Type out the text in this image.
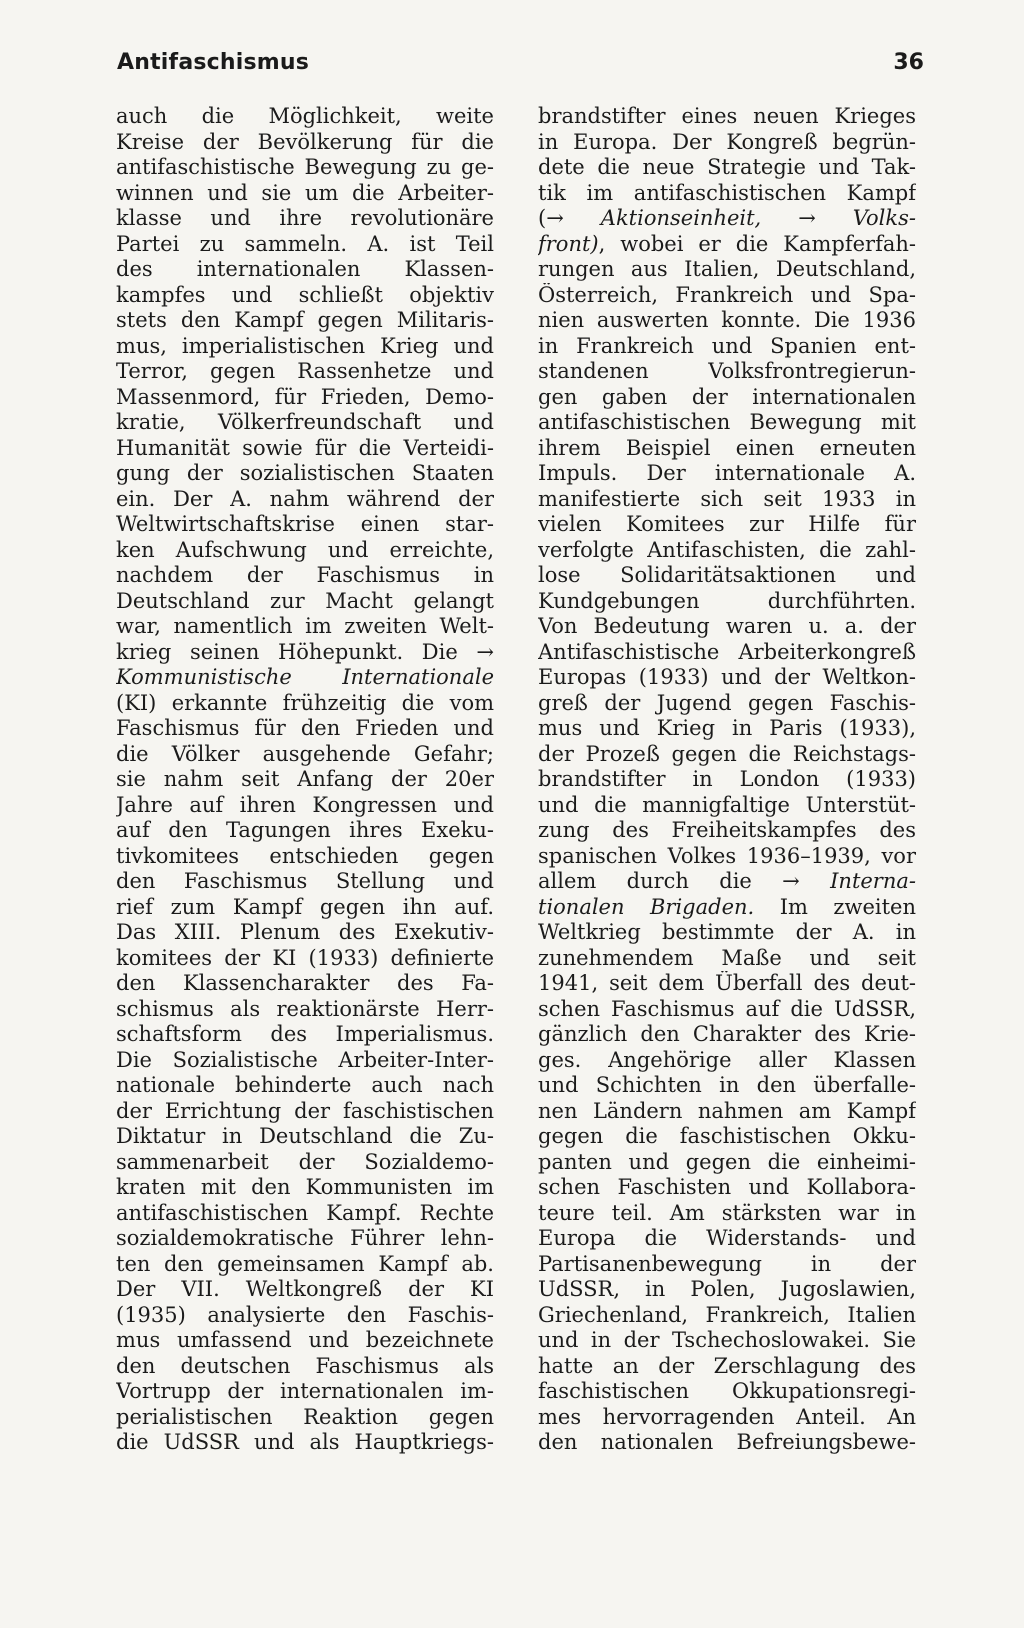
Antifaschismus	36
auch die Möglichkeit, weite
Kreise der Bevölkerung für die
antifaschistische Bewegung zu ge-
winnen und sie um die Arbeiter-
klasse und ihre revolutionäre
Partei zu sammeln. A. ist Teil
des internationalen Klassen-
kampfes und schließt objektiv
stets den Kampf gegen Militaris-
mus, imperialistischen Krieg und
Terror, gegen Rassenhetze und
Massenmord, für Frieden, Demo-
kratie, Völkerfreundschaft und
Humanität sowie für die Verteidi-
gung der sozialistischen Staaten
ein. Der A. nahm während der
Weltwirtschaftskrise einen star-
ken Aufschwung und erreichte,
nachdem der Faschismus in
Deutschland zur Macht gelangt
war, namentlich im zweiten Welt-
krieg seinen Höhepunkt. Die →
Kommunistische Internationale
(KI) erkannte frühzeitig die vom
Faschismus für den Frieden und
die Völker ausgehende Gefahr;
sie nahm seit Anfang der 20er
Jahre auf ihren Kongressen und
auf den Tagungen ihres Exeku-
tivkomitees entschieden gegen
den Faschismus Stellung und
rief zum Kampf gegen ihn auf.
Das XIII. Plenum des Exekutiv-
komitees der KI (1933) definierte
den Klassencharakter des Fa-
schismus als reaktionärste Herr-
schaftsform des Imperialismus.
Die Sozialistische Arbeiter-Inter-
nationale behinderte auch nach
der Errichtung der faschistischen
Diktatur in Deutschland die Zu-
sammenarbeit der Sozialdemo-
kraten mit den Kommunisten im
antifaschistischen Kampf. Rechte
sozialdemokratische Führer lehn-
ten den gemeinsamen Kampf ab.
Der VII. Weltkongreß der KI
(1935) analysierte den Faschis-
mus umfassend und bezeichnete
den deutschen Faschismus als
Vortrupp der internationalen im-
perialistischen Reaktion gegen
die UdSSR und als Hauptkriegs-
brandstifter eines neuen Krieges
in Europa. Der Kongreß begrün-
dete die neue Strategie und Tak-
tik im antifaschistischen Kampf
(→ Aktionseinheit, → Volks-
front), wobei er die Kampferfah-
rungen aus Italien, Deutschland,
Österreich, Frankreich und Spa-
nien auswerten konnte. Die 1936
in Frankreich und Spanien ent-
standenen Volksfrontregierun-
gen gaben der internationalen
antifaschistischen Bewegung mit
ihrem Beispiel einen erneuten
Impuls. Der internationale A.
manifestierte sich seit 1933 in
vielen Komitees zur Hilfe für
verfolgte Antifaschisten, die zahl-
lose Solidaritätsaktionen und
Kundgebungen durchführten.
Von Bedeutung waren u. a. der
Antifaschistische Arbeiterkongreß
Europas (1933) und der Weltkon-
greß der Jugend gegen Faschis-
mus und Krieg in Paris (1933),
der Prozeß gegen die Reichstags-
brandstifter in London (1933)
und die mannigfaltige Unterstüt-
zung des Freiheitskampfes des
spanischen Volkes 1936–1939, vor
allem durch die → Interna-
tionalen Brigaden. Im zweiten
Weltkrieg bestimmte der A. in
zunehmendem Maße und seit
1941, seit dem Überfall des deut-
schen Faschismus auf die UdSSR,
gänzlich den Charakter des Krie-
ges. Angehörige aller Klassen
und Schichten in den überfalle-
nen Ländern nahmen am Kampf
gegen die faschistischen Okku-
panten und gegen die einheimi-
schen Faschisten und Kollabora-
teure teil. Am stärksten war in
Europa die Widerstands- und
Partisanenbewegung in der
UdSSR, in Polen, Jugoslawien,
Griechenland, Frankreich, Italien
und in der Tschechoslowakei. Sie
hatte an der Zerschlagung des
faschistischen Okkupationsregi-
mes hervorragenden Anteil. An
den nationalen Befreiungsbewe-
